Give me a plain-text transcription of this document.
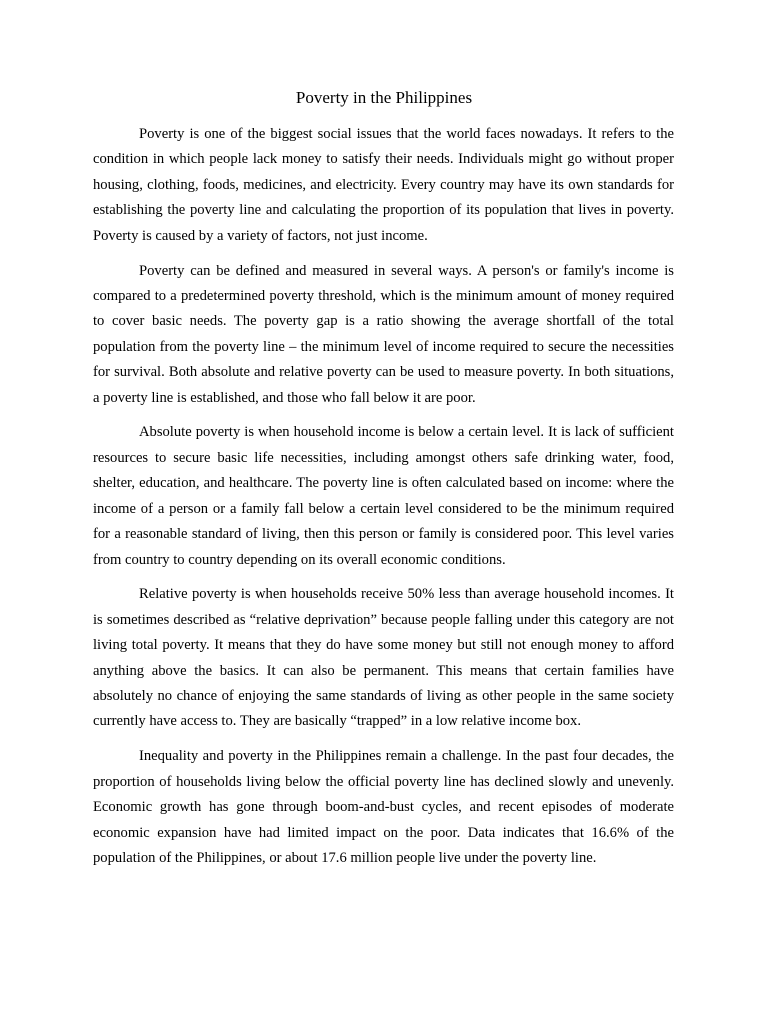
Poverty in the Philippines

Poverty is one of the biggest social issues that the world faces nowadays. It refers to the condition in which people lack money to satisfy their needs. Individuals might go without proper housing, clothing, foods, medicines, and electricity. Every country may have its own standards for establishing the poverty line and calculating the proportion of its population that lives in poverty. Poverty is caused by a variety of factors, not just income.

Poverty can be defined and measured in several ways. A person's or family's income is compared to a predetermined poverty threshold, which is the minimum amount of money required to cover basic needs. The poverty gap is a ratio showing the average shortfall of the total population from the poverty line – the minimum level of income required to secure the necessities for survival. Both absolute and relative poverty can be used to measure poverty. In both situations, a poverty line is established, and those who fall below it are poor.

Absolute poverty is when household income is below a certain level. It is lack of sufficient resources to secure basic life necessities, including amongst others safe drinking water, food, shelter, education, and healthcare. The poverty line is often calculated based on income: where the income of a person or a family fall below a certain level considered to be the minimum required for a reasonable standard of living, then this person or family is considered poor. This level varies from country to country depending on its overall economic conditions.

Relative poverty is when households receive 50% less than average household incomes. It is sometimes described as “relative deprivation” because people falling under this category are not living total poverty. It means that they do have some money but still not enough money to afford anything above the basics. It can also be permanent. This means that certain families have absolutely no chance of enjoying the same standards of living as other people in the same society currently have access to. They are basically “trapped” in a low relative income box.

Inequality and poverty in the Philippines remain a challenge. In the past four decades, the proportion of households living below the official poverty line has declined slowly and unevenly. Economic growth has gone through boom-and-bust cycles, and recent episodes of moderate economic expansion have had limited impact on the poor. Data indicates that 16.6% of the population of the Philippines, or about 17.6 million people live under the poverty line.
